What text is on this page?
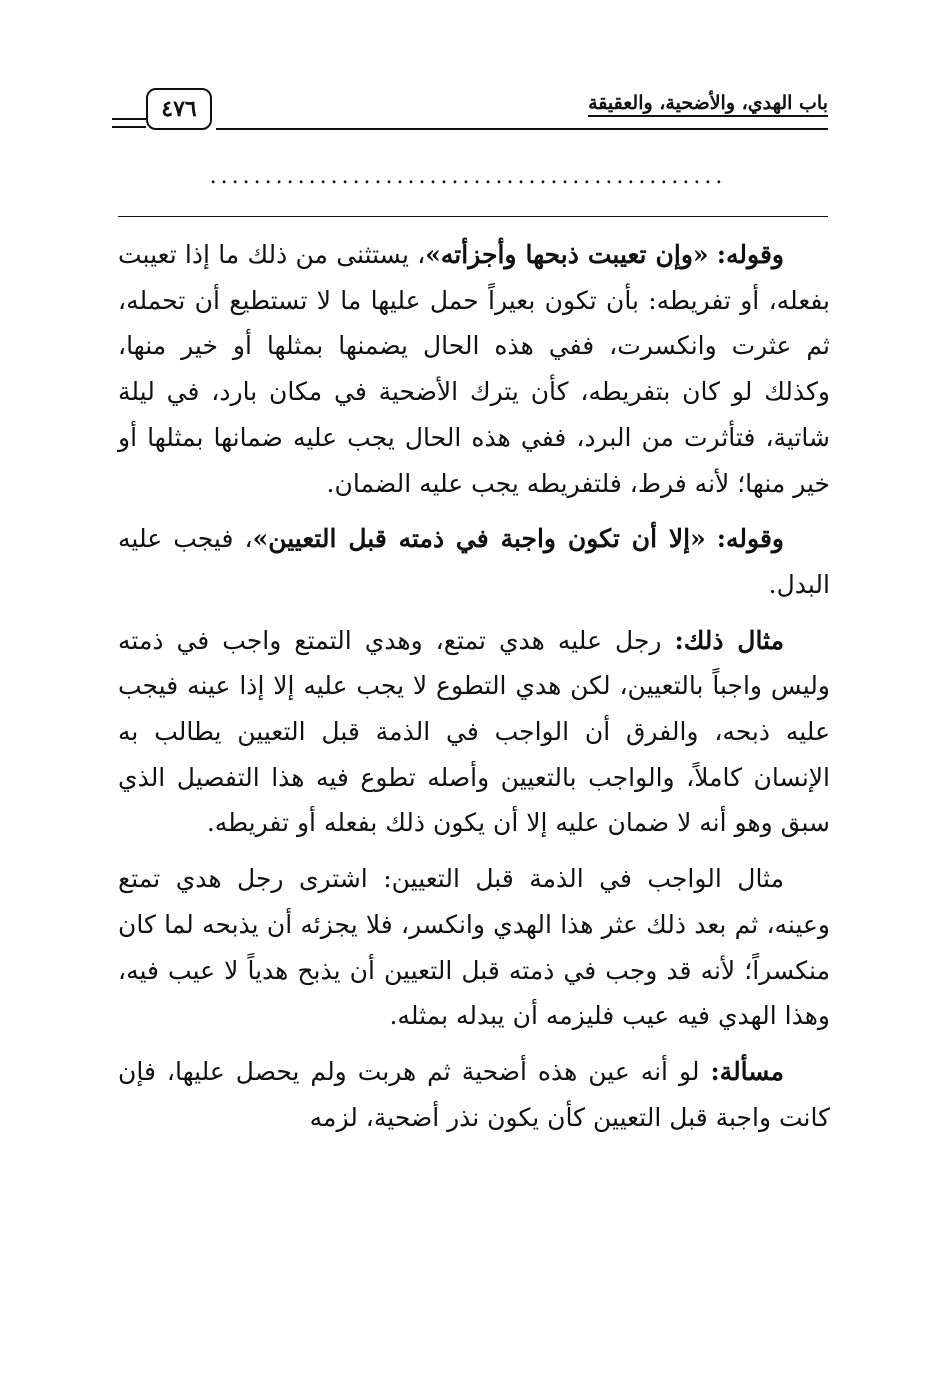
باب الهدي، والأضحية، والعقيقة
٤٧٦
...............................................

وقوله: «وإن تعيبت ذبحها وأجزأته»، يستثنى من ذلك ما إذا تعيبت بفعله، أو تفريطه: بأن تكون بعيراً حمل عليها ما لا تستطيع أن تحمله، ثم عثرت وانكسرت، ففي هذه الحال يضمنها بمثلها أو خير منها، وكذلك لو كان بتفريطه، كأن يترك الأضحية في مكان بارد، في ليلة شاتية، فتأثرت من البرد، ففي هذه الحال يجب عليه ضمانها بمثلها أو خير منها؛ لأنه فرط، فلتفريطه يجب عليه الضمان.

وقوله: «إلا أن تكون واجبة في ذمته قبل التعيين»، فيجب عليه البدل.

مثال ذلك: رجل عليه هدي تمتع، وهدي التمتع واجب في ذمته وليس واجباً بالتعيين، لكن هدي التطوع لا يجب عليه إلا إذا عينه فيجب عليه ذبحه، والفرق أن الواجب في الذمة قبل التعيين يطالب به الإنسان كاملاً، والواجب بالتعيين وأصله تطوع فيه هذا التفصيل الذي سبق وهو أنه لا ضمان عليه إلا أن يكون ذلك بفعله أو تفريطه.

مثال الواجب في الذمة قبل التعيين: اشترى رجل هدي تمتع وعينه، ثم بعد ذلك عثر هذا الهدي وانكسر، فلا يجزئه أن يذبحه لما كان منكسراً؛ لأنه قد وجب في ذمته قبل التعيين أن يذبح هدياً لا عيب فيه، وهذا الهدي فيه عيب فليزمه أن يبدله بمثله.

مسألة: لو أنه عين هذه أضحية ثم هربت ولم يحصل عليها، فإن كانت واجبة قبل التعيين كأن يكون نذر أضحية، لزمه
